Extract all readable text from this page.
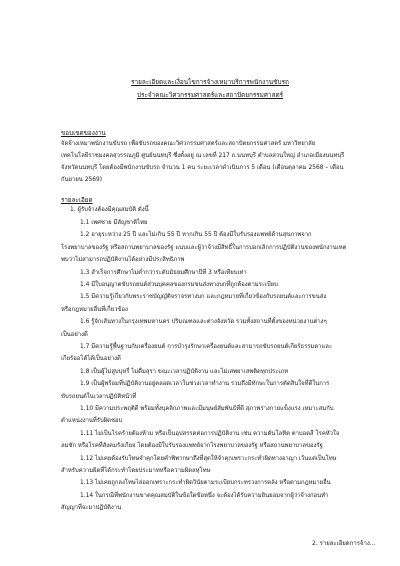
รายละเอียดและเงื่อนไขการจ้างเหมาบริการพนักงานขับรถ
ประจำคณะวิศวกรรมศาสตร์และสถาปัตยกรรมศาสตร์
ขอบเขตของงาน
จัดจ้างเหมาพนักงานขับรถ เพื่อขับรถของคณะวิศวกรรมศาสตร์และสถาปัตยกรรมศาสตร์ มหาวิทยาลัย
เทคโนโลยีราชมงคลสุวรรณภูมิ ศูนย์นนทบุรี ซึ่งตั้งอยู่ ณ เลขที่ 217 ถ.นนทบุรี ตำบลสวนใหญ่ อำเภอเมืองนนทบุรี
จังหวัดนนทบุรี โดยต้องมีพนักงานขับรถ จำนวน 1 คน ระยะเวลาดำเนินการ 5 เดือน (เดือนตุลาคม 2568 – เดือน
กันยายน 2569)
รายละเอียด
1. ผู้รับจ้างต้องมีคุณสมบัติ ดังนี้
1.1 เพศชาย มีสัญชาติไทย
1.2 อายุระหว่าง 25 ปี และไม่เกิน 55 ปี หากเกิน 55 ปี ต้องมีใบรับรองแพทย์ด้านสุขภาพจาก
โรงพยาบาลของรัฐ หรือสถานพยาบาลของรัฐ แนบและผู้ว่าจ้างมีสิทธิ์ในการบอกเลิกการปฏิบัติงานของพนักงานเหต
พบว่าไม่สามารถปฏิบัติงานได้อย่างมีประสิทธิภาพ
1.3 สำเร็จการศึกษาไม่ต่ำกว่าระดับมัธยมศึกษาปีที่ 3 หรือเทียบเท่า
1.4 มีใบอนุญาตขับรถยนต์ส่วนบุคคลของกรมขนส่งทางบกที่ถูกต้องตามระเบียบ
1.5 มีความรู้เกี่ยวกับพระราชบัญญัติจราจรทางบก และกฎหมายที่เกี่ยวข้องกับรถยนต์และการขนส่ง
หรือกฎหมายอื่นที่เกี่ยวข้อง
1.6 รู้จักเส้นทางในกรุงเทพมหานคร ปริมณฑลและต่างจังหวัด รวมทั้งสถานที่ตั้งของหน่วยงานต่างๆ
เป็นอย่างดี
1.7 มีความรู้พื้นฐานกับเครื่องยนต์ การบำรุงรักษาเครื่องยนต์และสามารถขับรถยนต์เกียร์ธรรมดาและ
เกียร์ออโต้ได้เป็นอย่างดี
1.8 เป็นผู้ไม่สูบบุหรี่ ไม่ดื่มสุรา ขณะเวลาปฏิบัติงาน และไม่เสพยาเสพติดทุกประเภท
1.9 เป็นผู้พร้อมที่ปฏิบัติงานอยู่ตลอดเวลาในช่วงเวลาทำงาน รวมถึงมีทักษะในการตัดสินใจที่ดีในการ
ขับรถยนต์ในเวลาปฏิบัติหน้าที่
1.10 มีความประพฤติดี พร้อมทั้งบุคลิกภาพและมีมนุษย์สัมพันธ์ที่ดี สุภาพร่างกายแข็งแรง เหมาะสมกับ
ตำแหน่งงานที่รับผิดชอบ
1.11 ไม่เป็นโรคร้ายต้องห้าม หรือเป็นอุปสรรคต่อการปฏิบัติงาน เช่น ความดันโลหิต ตาบอดสี โรคหัวใจ
ลมชัก หรือโรคที่สังคมรังเกียจ โดยต้องมีใบรับรองแพทย์จากโรงพยาบาลของรัฐ หรือสถานพยาบาลของรัฐ
1.12 ไม่เคยต้องรับโทษจำคุกโดยคำพิพากษาถึงที่สุดให้จำคุกเพราะกระทำผิดทางอาญา เว้นแต่เป็นโทษ
สำหรับความผิดที่ได้กระทำโดยประมาทหรือความผิดลหุโทษ
1.13 ไม่เคยถูกลงโทษไล่ออกเพราะกระทำผิดวินัยตามระเบียบกระทรวงการคลัง หรือตามกฎหมายอื่น
1.14 ในกรณีที่พนักงานขาดคุณสมบัติในข้อใดข้อหนึ่ง จะต้องได้รับความยินยอมจากผู้ว่าจ้างก่อนทำ
สัญญาที่จะมาปฏิบัติงาน
2. รายละเอียดการจ้าง...
